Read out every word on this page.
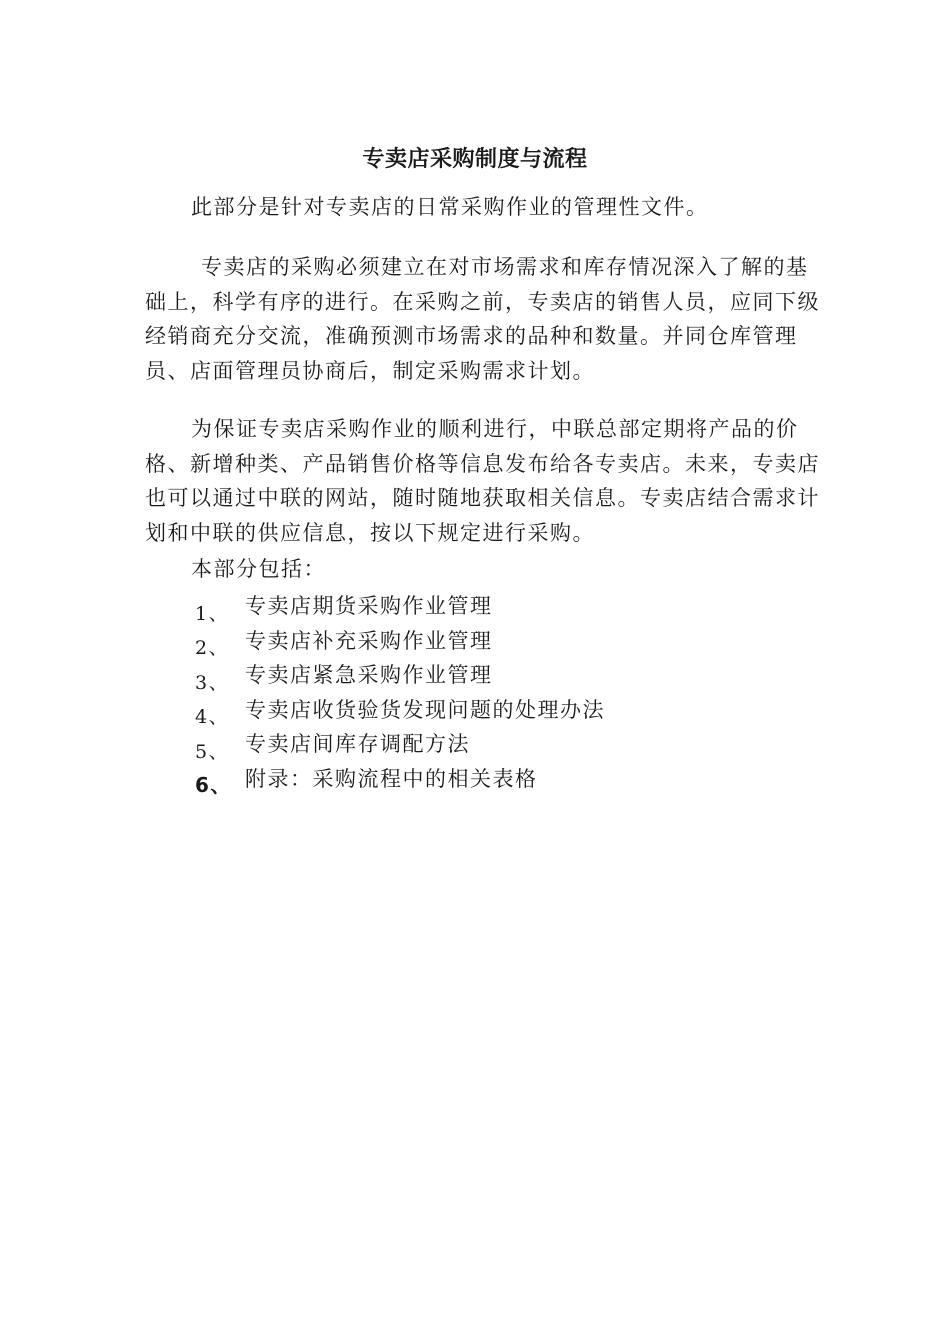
专卖店采购制度与流程
此部分是针对专卖店的日常采购作业的管理性文件。
专卖店的采购必须建立在对市场需求和库存情况深入了解的基础上，科学有序的进行。在采购之前，专卖店的销售人员，应同下级经销商充分交流，准确预测市场需求的品种和数量。并同仓库管理员、店面管理员协商后，制定采购需求计划。
为保证专卖店采购作业的顺利进行，中联总部定期将产品的价格、新增种类、产品销售价格等信息发布给各专卖店。未来，专卖店也可以通过中联的网站，随时随地获取相关信息。专卖店结合需求计划和中联的供应信息，按以下规定进行采购。
本部分包括：
1、 专卖店期货采购作业管理
2、 专卖店补充采购作业管理
3、 专卖店紧急采购作业管理
4、 专卖店收货验货发现问题的处理办法
5、 专卖店间库存调配方法
6、 附录：采购流程中的相关表格
